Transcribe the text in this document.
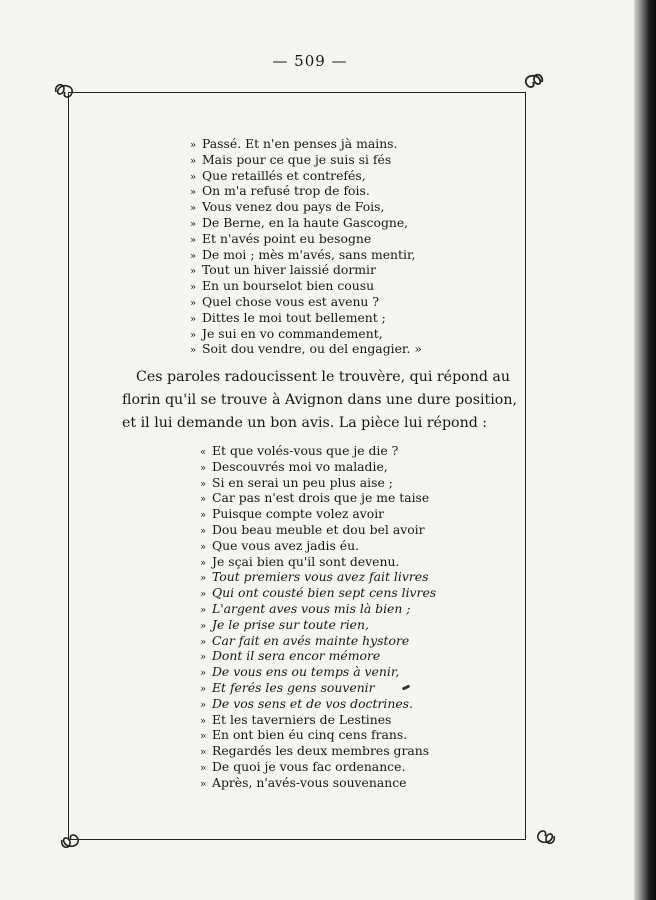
— 509 —
» Passé. Et n'en penses jà mains.
» Mais pour ce que je suis si fés
» Que retaillés et contrefés,
» On m'a refusé trop de fois.
» Vous venez dou pays de Fois,
» De Berne, en la haute Gascogne,
» Et n'avés point eu besogne
» De moi ; mès m'avés, sans mentir,
» Tout un hiver laissié dormir
» En un bourselot bien cousu
» Quel chose vous est avenu ?
» Dittes le moi tout bellement ;
» Je sui en vo commandement,
» Soit dou vendre, ou del engagier. »
Ces paroles radoucissent le trouvère, qui répond au
florin qu'il se trouve à Avignon dans une dure position,
et il lui demande un bon avis. La pièce lui répond :
« Et que volés-vous que je die ?
» Descouvrés moi vo maladie,
» Si en serai un peu plus aise ;
» Car pas n'est drois que je me taise
» Puisque compte volez avoir
» Dou beau meuble et dou bel avoir
» Que vous avez jadis éu.
» Je sçai bien qu'il sont devenu.
» Tout premiers vous avez fait livres
» Qui ont cousté bien sept cens livres
» L'argent aves vous mis là bien ;
» Je le prise sur toute rien,
» Car fait en avés mainte hystore
» Dont il sera encor mémore
» De vous ens ou temps à venir,
» Et ferés les gens souvenir
» De vos sens et de vos doctrines.
» Et les taverniers de Lestines
» En ont bien éu cinq cens frans.
» Regardés les deux membres grans
» De quoi je vous fac ordenance.
» Après, n'avés-vous souvenance
